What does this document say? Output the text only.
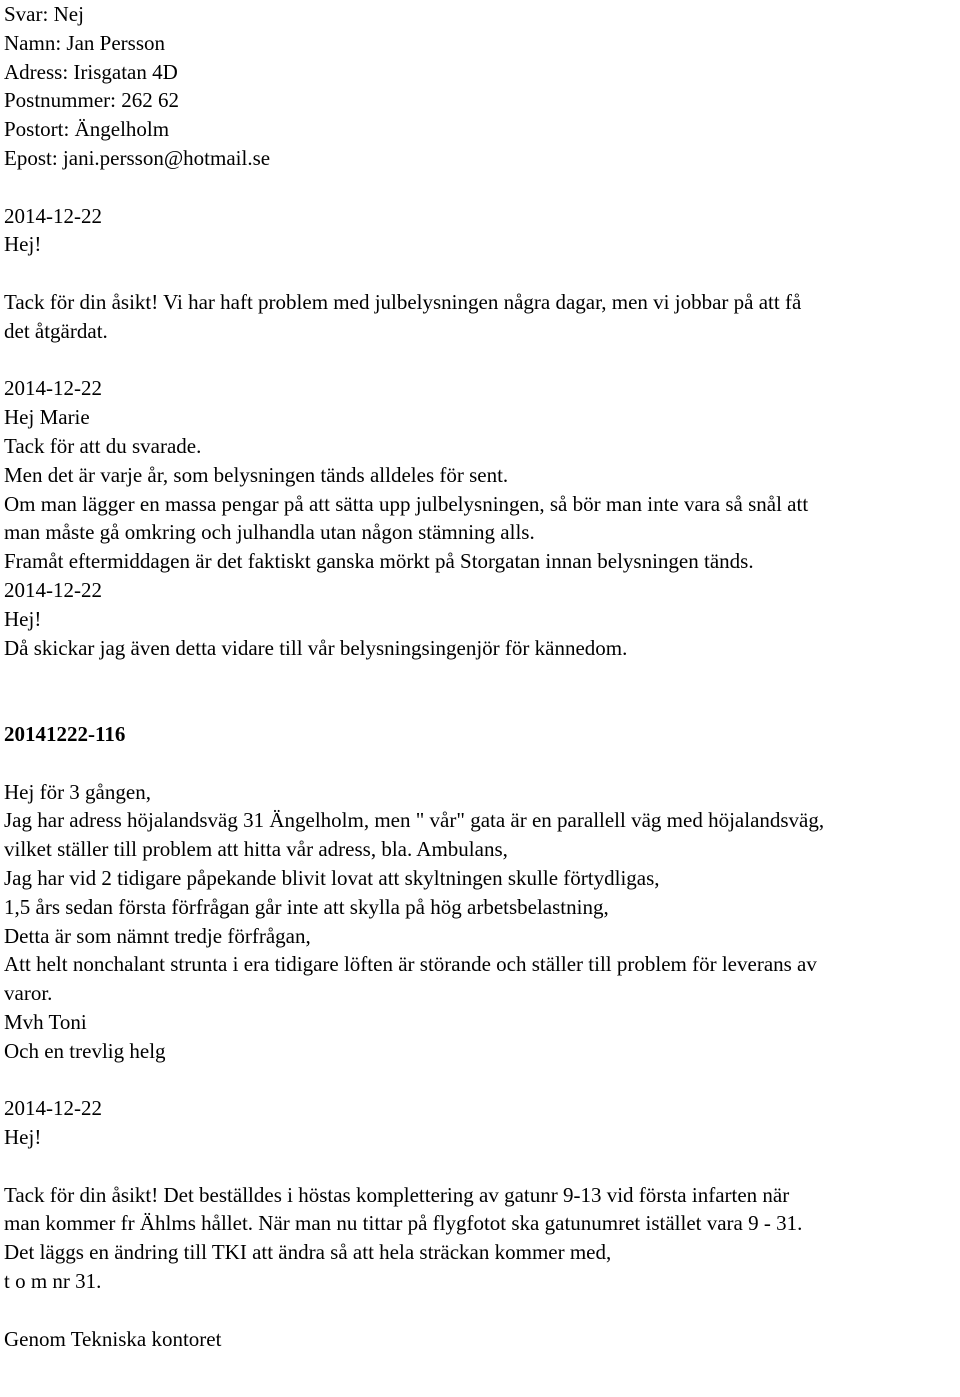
Svar: Nej
Namn: Jan Persson
Adress: Irisgatan 4D
Postnummer: 262 62
Postort: Ängelholm
Epost: jani.persson@hotmail.se
2014-12-22
Hej!
Tack för din åsikt! Vi har haft problem med julbelysningen några dagar, men vi jobbar på att få
det åtgärdat.
2014-12-22
Hej Marie
Tack för att du svarade.
Men det är varje år, som belysningen tänds alldeles för sent.
Om man lägger en massa pengar på att sätta upp julbelysningen, så bör man inte vara så snål att
man måste gå omkring och julhandla utan någon stämning alls.
Framåt eftermiddagen är det faktiskt ganska mörkt på Storgatan innan belysningen tänds.
2014-12-22
Hej!
Då skickar jag även detta vidare till vår belysningsingenjör för kännedom.
20141222-116
Hej för 3 gången,
Jag har adress höjalandsväg 31 Ängelholm, men " vår" gata är en parallell väg med höjalandsväg,
vilket ställer till problem att hitta vår adress, bla. Ambulans,
Jag har vid 2 tidigare påpekande blivit lovat att skyltningen skulle förtydligas,
1,5 års sedan första förfrågan går inte att skylla på hög arbetsbelastning,
Detta är som nämnt tredje förfrågan,
Att helt nonchalant strunta i era tidigare löften är störande och ställer till problem för leverans av
varor.
Mvh Toni
Och en trevlig helg
2014-12-22
Hej!
Tack för din åsikt! Det beställdes i höstas komplettering av gatunr 9-13 vid första infarten när
man kommer fr Ählms hållet. När man nu tittar på flygfotot ska gatunumret istället vara 9 - 31.
Det läggs en ändring till TKI att ändra så att hela sträckan kommer med,
t o m nr 31.
Genom Tekniska kontoret
